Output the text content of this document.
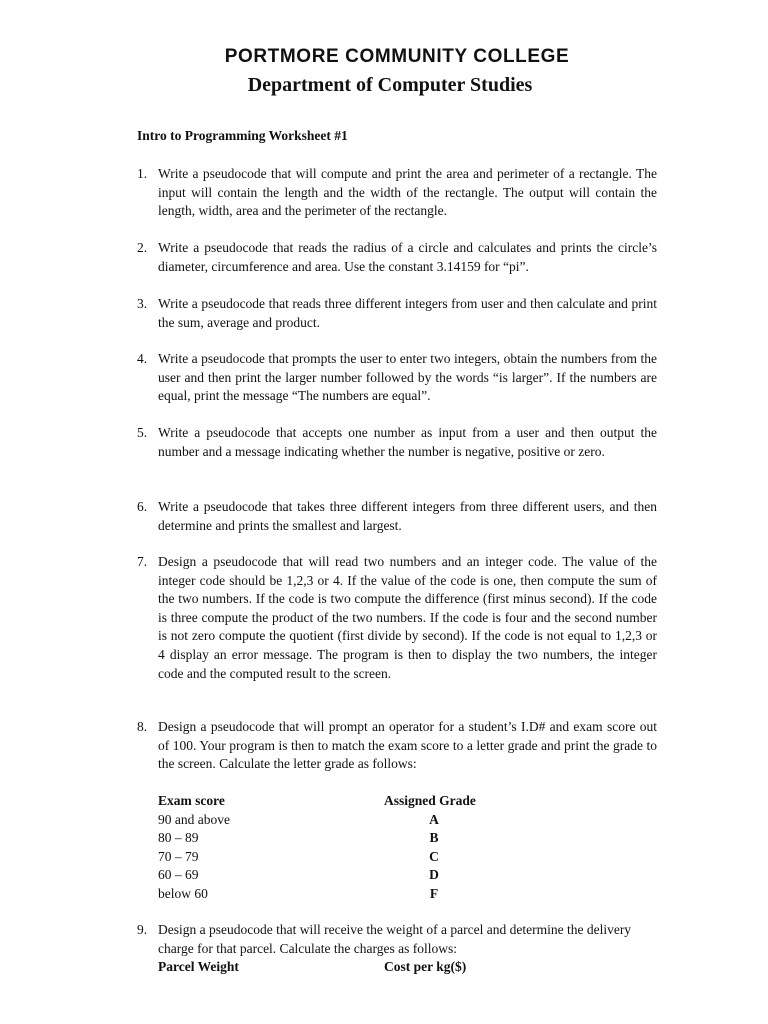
PORTMORE COMMUNITY COLLEGE
Department of Computer Studies
Intro to Programming Worksheet #1
1. Write a pseudocode that will compute and print the area and perimeter of a rectangle. The input will contain the length and the width of the rectangle. The output will contain the length, width, area and the perimeter of the rectangle.
2. Write a pseudocode that reads the radius of a circle and calculates and prints the circle’s diameter, circumference and area. Use the constant 3.14159 for “pi”.
3. Write a pseudocode that reads three different integers from user and then calculate and print the sum, average and product.
4. Write a pseudocode that prompts the user to enter two integers, obtain the numbers from the user and then print the larger number followed by the words “is larger”. If the numbers are equal, print the message “The numbers are equal”.
5. Write a pseudocode that accepts one number as input from a user and then output the number and a message indicating whether the number is negative, positive or zero.
6. Write a pseudocode that takes three different integers from three different users, and then determine and prints the smallest and largest.
7. Design a pseudocode that will read two numbers and an integer code. The value of the integer code should be 1,2,3 or 4. If the value of the code is one, then compute the sum of the two numbers. If the code is two compute the difference (first minus second). If the code is three compute the product of the two numbers. If the code is four and the second number is not zero compute the quotient (first divide by second). If the code is not equal to 1,2,3 or 4 display an error message. The program is then to display the two numbers, the integer code and the computed result to the screen.
8. Design a pseudocode that will prompt an operator for a student’s I.D# and exam score out of 100. Your program is then to match the exam score to a letter grade and print the grade to the screen. Calculate the letter grade as follows:
Exam score	Assigned Grade
90 and above	A
80 – 89	B
70 – 79	C
60 – 69	D
below 60	F
9. Design a pseudocode that will receive the weight of a parcel and determine the delivery charge for that parcel. Calculate the charges as follows:
Parcel Weight	Cost per kg($)
